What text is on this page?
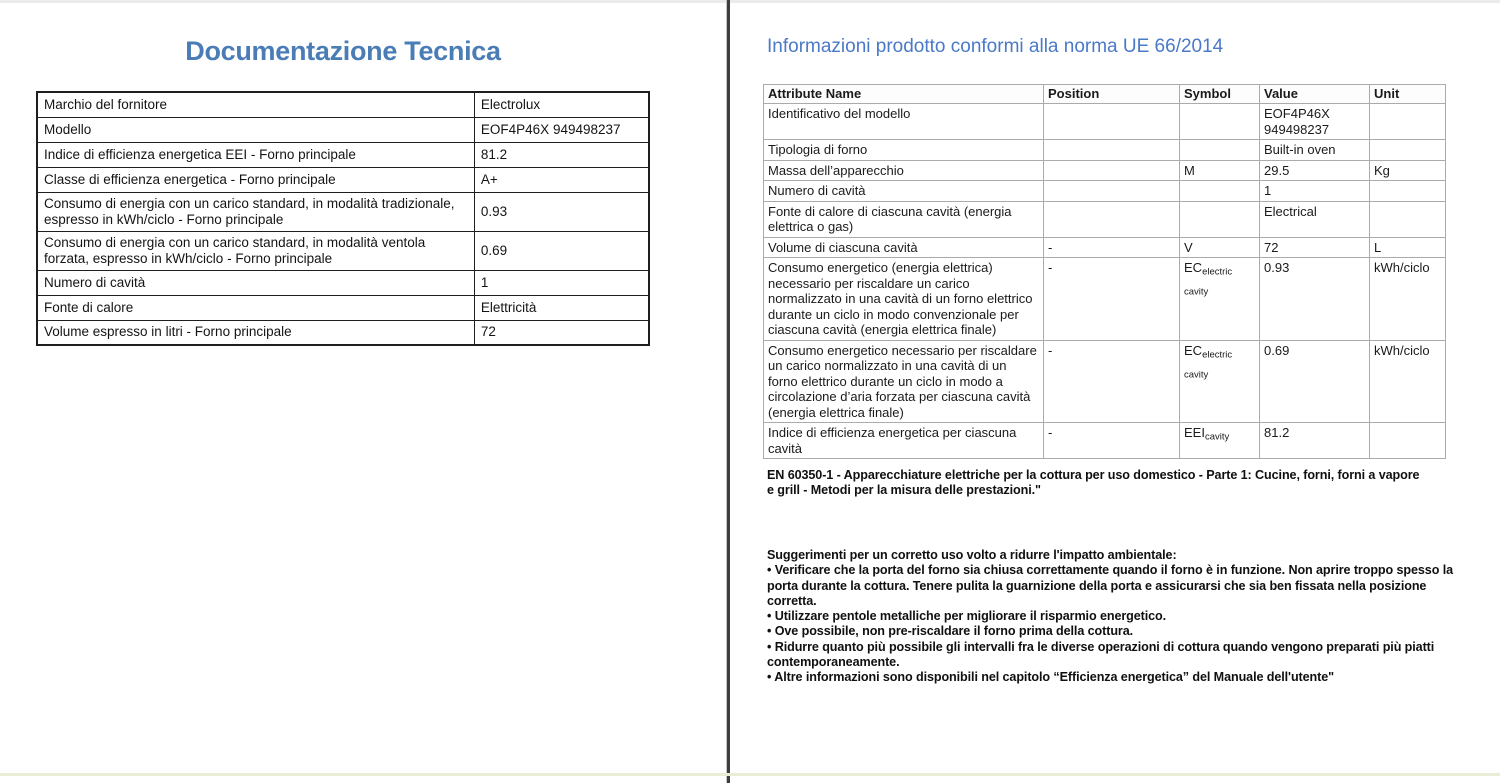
Documentazione Tecnica
Marchio del fornitore	Electrolux
Modello	EOF4P46X 949498237
Indice di efficienza energetica EEI - Forno principale	81.2
Classe di efficienza energetica - Forno principale	A+
Consumo di energia con un carico standard, in modalità tradizionale, espresso in kWh/ciclo - Forno principale	0.93
Consumo di energia con un carico standard, in modalità ventola forzata, espresso in kWh/ciclo - Forno principale	0.69
Numero di cavità	1
Fonte di calore	Elettricità
Volume espresso in litri - Forno principale	72
Informazioni prodotto conformi alla norma UE 66/2014
Attribute Name	Position	Symbol	Value	Unit
Identificativo del modello			EOF4P46X 949498237	
Tipologia di forno			Built-in oven	
Massa dell’apparecchio		M	29.5	Kg
Numero di cavità			1	
Fonte di calore di ciascuna cavità (energia elettrica o gas)			Electrical	
Volume di ciascuna cavità	-	V	72	L
Consumo energetico (energia elettrica) necessario per riscaldare un carico normalizzato in una cavità di un forno elettrico durante un ciclo in modo convenzionale per ciascuna cavità (energia elettrica finale)	-	$EC_{electric cavity}$	0.93	kWh/ciclo
Consumo energetico necessario per riscaldare un carico normalizzato in una cavità di un forno elettrico durante un ciclo in modo a circolazione d’aria forzata per ciascuna cavità (energia elettrica finale)	-	$EC_{electric cavity}$	0.69	kWh/ciclo
Indice di efficienza energetica per ciascuna cavità	-	$EEI_{cavity}$	81.2	

EN 60350-1 - Apparecchiature elettriche per la cottura per uso domestico - Parte 1: Cucine, forni, forni a vapore e grill - Metodi per la misura delle prestazioni."

Suggerimenti per un corretto uso volto a ridurre l'impatto ambientale:
• Verificare che la porta del forno sia chiusa correttamente quando il forno è in funzione. Non aprire troppo spesso la porta durante la cottura. Tenere pulita la guarnizione della porta e assicurarsi che sia ben fissata nella posizione corretta.
• Utilizzare pentole metalliche per migliorare il risparmio energetico.
• Ove possibile, non pre-riscaldare il forno prima della cottura.
• Ridurre quanto più possibile gli intervalli fra le diverse operazioni di cottura quando vengono preparati più piatti contemporaneamente.
• Altre informazioni sono disponibili nel capitolo “Efficienza energetica” del Manuale dell'utente"
